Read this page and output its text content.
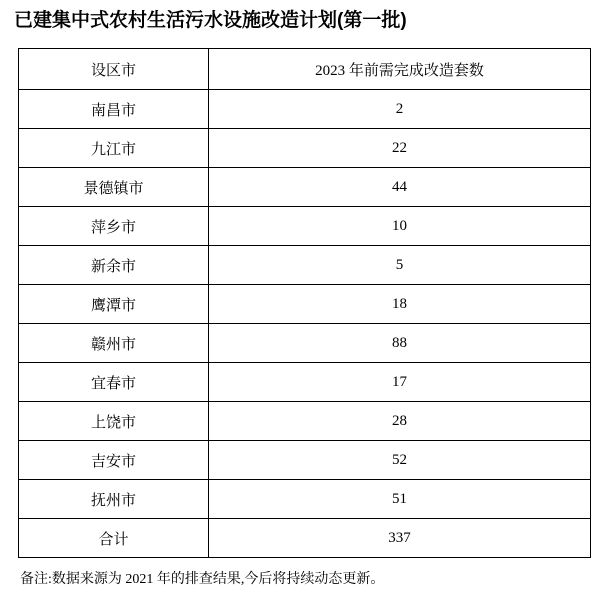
已建集中式农村生活污水设施改造计划(第一批)
设区市	2023 年前需完成改造套数
南昌市	2
九江市	22
景德镇市	44
萍乡市	10
新余市	5
鹰潭市	18
赣州市	88
宜春市	17
上饶市	28
吉安市	52
抚州市	51
合计	337
备注:数据来源为 2021 年的排查结果,今后将持续动态更新。
